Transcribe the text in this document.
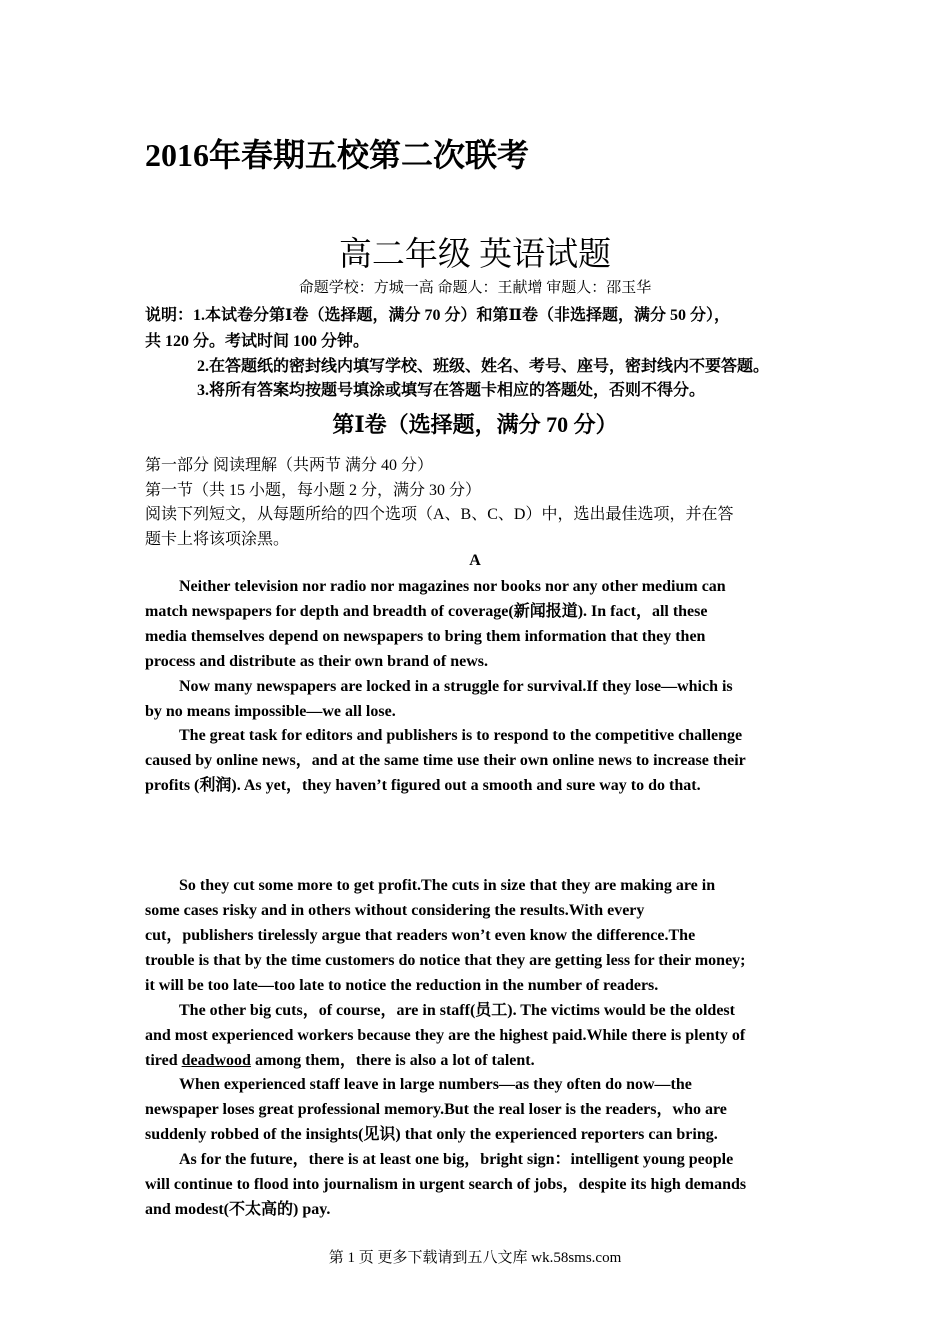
2016年春期五校第二次联考
高二年级 英语试题
命题学校：方城一高 命题人：王献增 审题人：邵玉华
说明：1.本试卷分第Ⅰ卷（选择题，满分 70 分）和第Ⅱ卷（非选择题，满分 50 分），
共 120 分。考试时间 100 分钟。
2.在答题纸的密封线内填写学校、班级、姓名、考号、座号，密封线内不要答题。
3.将所有答案均按题号填涂或填写在答题卡相应的答题处，否则不得分。
第Ⅰ卷（选择题，满分 70 分）
第一部分 阅读理解（共两节 满分 40 分）
第一节（共 15 小题，每小题 2 分，满分 30 分）
阅读下列短文，从每题所给的四个选项（A、B、C、D）中，选出最佳选项，并在答
题卡上将该项涂黑。
A
Neither television nor radio nor magazines nor books nor any other medium can
match newspapers for depth and breadth of coverage(新闻报道). In fact，all these
media themselves depend on newspapers to bring them information that they then
process and distribute as their own brand of news.
Now many newspapers are locked in a struggle for survival.If they lose—which is
by no means impossible—we all lose.
The great task for editors and publishers is to respond to the competitive challenge
caused by online news，and at the same time use their own online news to increase their
profits (利润). As yet，they haven’t figured out a smooth and sure way to do that.
So they cut some more to get profit.The cuts in size that they are making are in
some cases risky and in others without considering the results.With every
cut，publishers tirelessly argue that readers won’t even know the difference.The
trouble is that by the time customers do notice that they are getting less for their money;
it will be too late—too late to notice the reduction in the number of readers.
The other big cuts，of course，are in staff(员工). The victims would be the oldest
and most experienced workers because they are the highest paid.While there is plenty of
tired deadwood among them，there is also a lot of talent.
When experienced staff leave in large numbers—as they often do now—the
newspaper loses great professional memory.But the real loser is the readers，who are
suddenly robbed of the insights(见识) that only the experienced reporters can bring.
As for the future，there is at least one big，bright sign：intelligent young people
will continue to flood into journalism in urgent search of jobs，despite its high demands
and modest(不太高的) pay.
第 1 页 更多下载请到五八文库 wk.58sms.com
